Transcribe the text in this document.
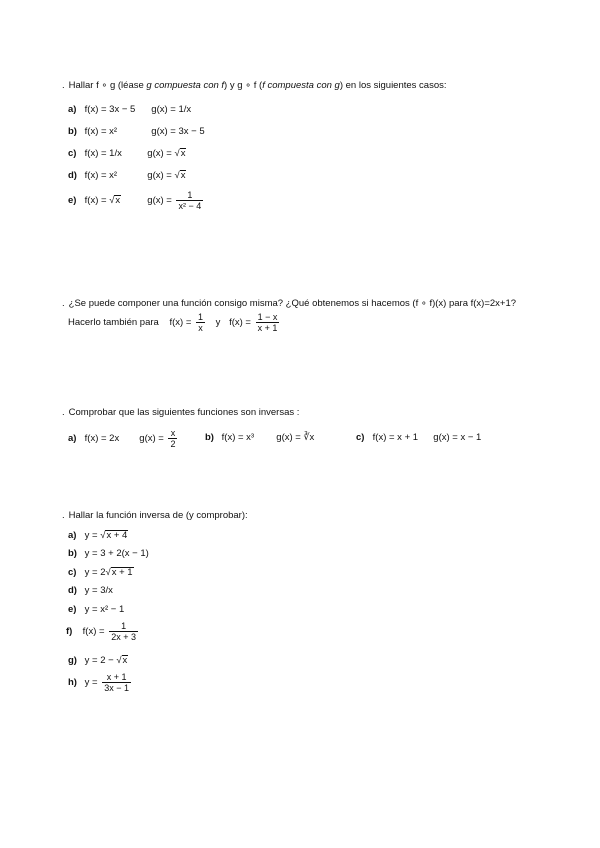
. Hallar f ∘ g (léase g compuesta con f) y g ∘ f (f compuesta con g) en los siguientes casos:
a) f(x) = 3x − 5 g(x) = 1/x
b) f(x) = x²	g(x) = 3x − 5
c) f(x) = 1/x	g(x) = √x
d) f(x) = x²	g(x) = √x
e) f(x) = √x	$g(x) = \frac{1}{\text{x² − 4}}$
. ¿Se puede componer una función consigo misma? ¿Qué obtenemos si hacemos (f ∘ f)(x) para f(x)=2x+1?
Hacerlo también para $f(x) = \frac{1}{x}$ y $f(x) = \frac{1 - x}{x + 1}$
. Comprobar que las siguientes funciones son inversas :
a) f(x) = 2x $g(x) = \frac{x}{2}$	b) f(x) = x³ g(x) = ∛x	c) f(x) = x + 1 g(x) = x − 1
. Hallar la función inversa de (y comprobar):
a) y = √x + 4
b) y = 3 + 2(x − 1)
c) y = 2√x + 1
d) y = 3/x
e) y = x² − 1
f) $f(x) = \frac{1}{2x + 3}$
g) y = 2 − √x
h) $y = \frac{x + 1}{3x - 1}$
